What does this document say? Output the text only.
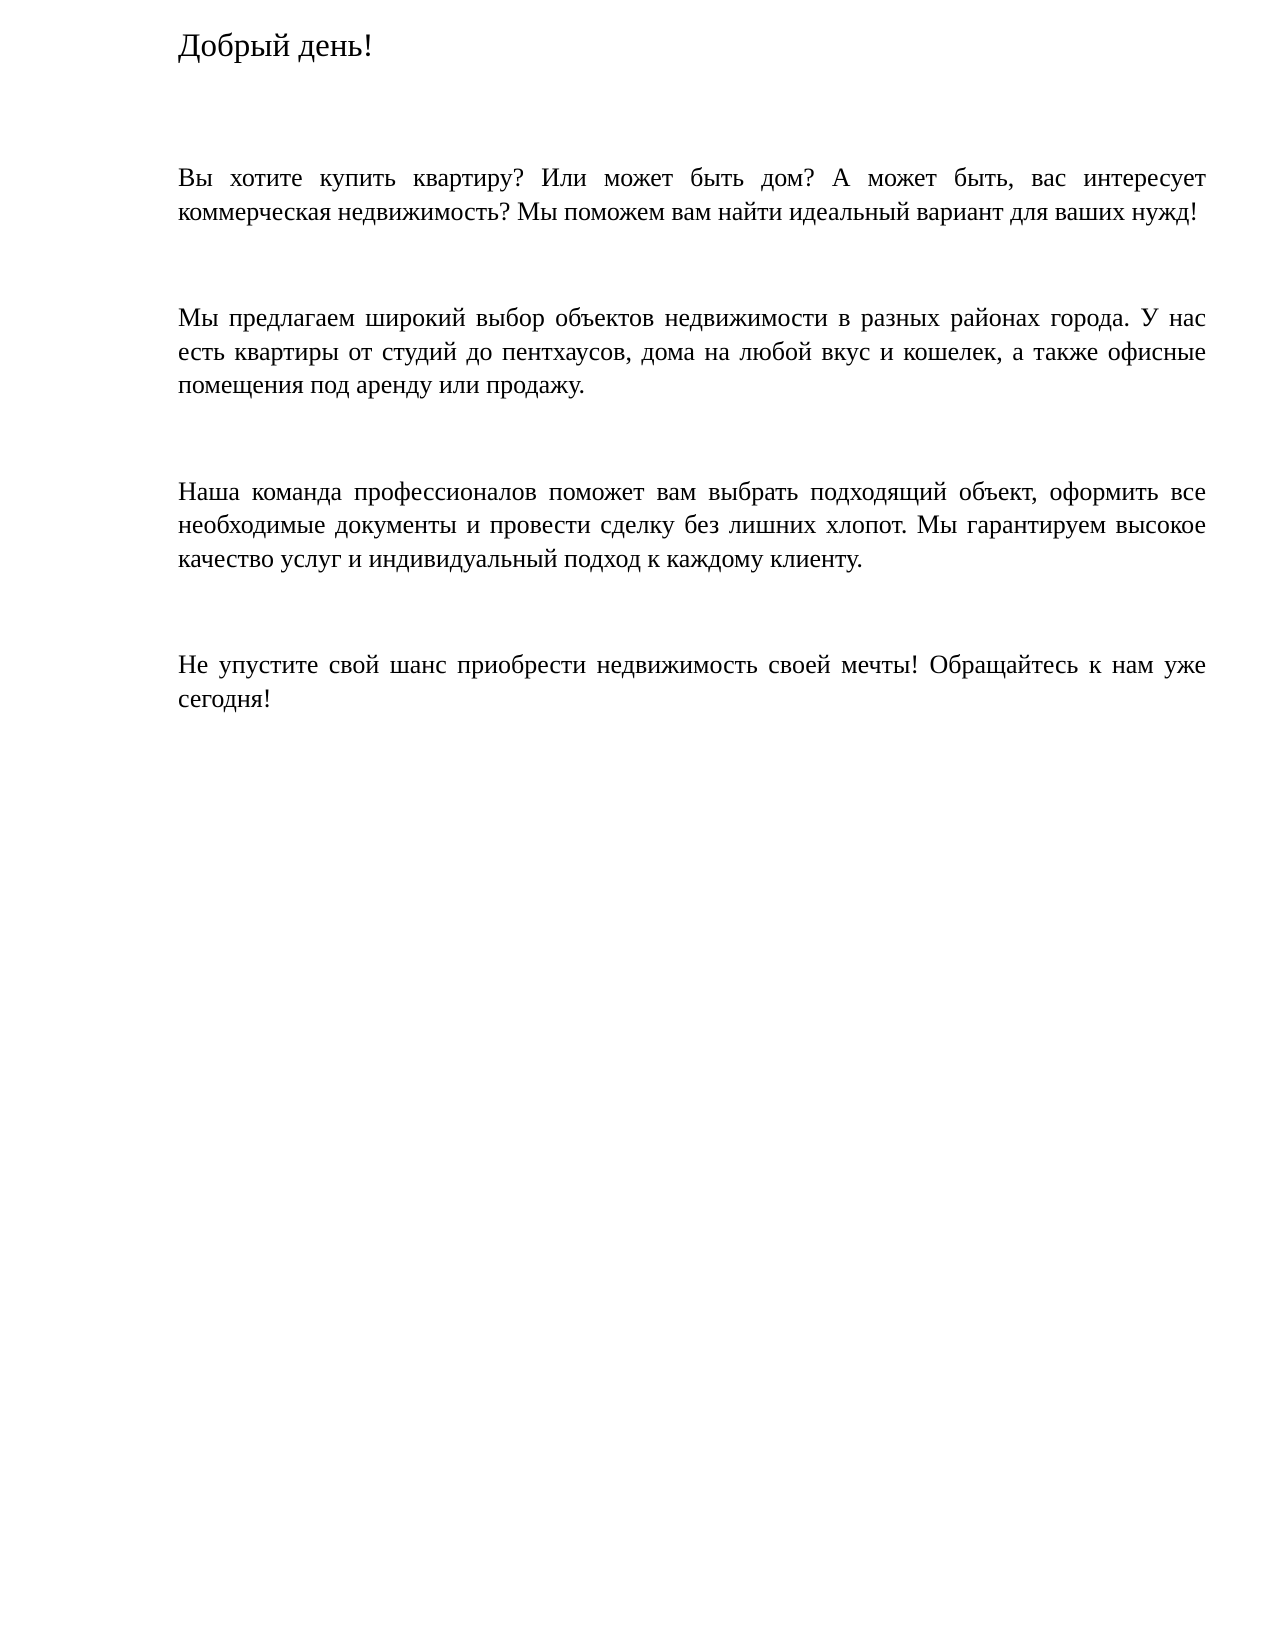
Добрый день!

Вы хотите купить квартиру? Или может быть дом? А может быть, вас интересует коммерческая недвижимость? Мы поможем вам найти идеальный вариант для ваших нужд!

Мы предлагаем широкий выбор объектов недвижимости в разных районах города. У нас есть квартиры от студий до пентхаусов, дома на любой вкус и кошелек, а также офисные помещения под аренду или продажу.

Наша команда профессионалов поможет вам выбрать подходящий объект, оформить все необходимые документы и провести сделку без лишних хлопот. Мы гарантируем высокое качество услуг и индивидуальный подход к каждому клиенту.

Не упустите свой шанс приобрести недвижимость своей мечты! Обращайтесь к нам уже сегодня!
